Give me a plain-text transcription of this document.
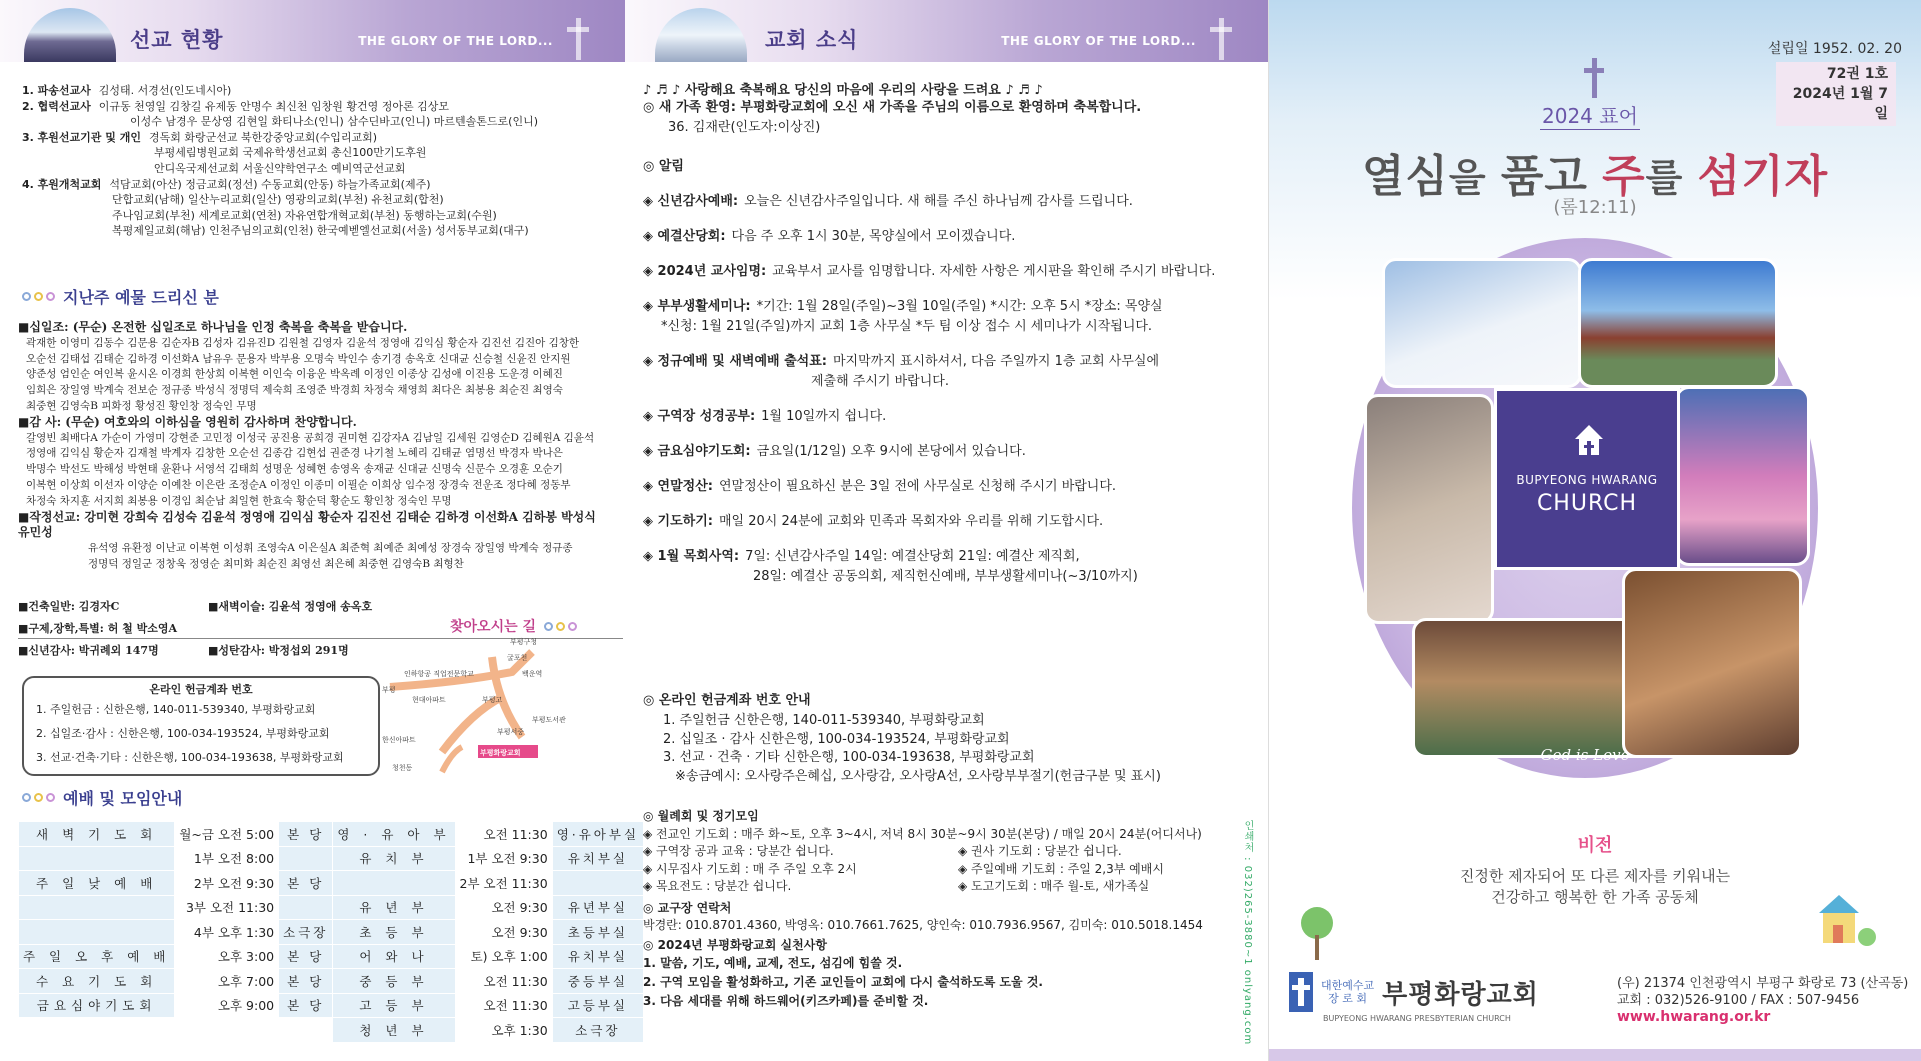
선교 현황	THE GLORY OF THE LORD...
1. 파송선교사 김성태. 서경선(인도네시아)
2. 협력선교사 이규동 천영일 김창길 유제동 안명수 최신천 임창원 황건영 정아론 김상모
이성수 남경우 문상영 김현일 화티나소(인니) 삼수딘바고(인니) 마르텐솔톤드로(인니)
3. 후원선교기관 및 개인 경독회 화랑군선교 북한강중앙교회(수입리교회)
부평세림병원교회 국제유학생선교회 총신100만기도후원
안디옥국제선교회 서울신약학연구소 예비역군선교회
4. 후원개척교회 석담교회(아산) 정금교회(정선) 수동교회(안동) 하늘가족교회(제주)
단합교회(남해) 일산누리교회(일산) 영광의교회(부천) 유천교회(합천)
주나임교회(부천) 세계로교회(연천) 자유연합개혁교회(부천) 동행하는교회(수원)
복평제일교회(해남) 인천주님의교회(인천) 한국예벧엘선교회(서울) 성서동부교회(대구)
지난주 예물 드리신 분
■십일조: (무순) 온전한 십일조로 하나님을 인정 축복을 축복을 받습니다.
곽재한 이영미 김동수 김문용 김순자B 김성자 김유진D 김원철 김영자 김윤석 정영애 김익심 황순자 김진선 김진아 김창한
오순선 김태섭 김태순 김하경 이선화A 남유우 문용자 박부용 오명숙 박인수 송기경 송옥호 신대균 신승철 신윤진 안지원
양준성 엄인순 여인복 윤시온 이경희 한상희 이복현 이인숙 이융운 박옥례 이정인 이종상 김성애 이진용 도운경 이혜진
임희은 장일영 박계숙 전보순 정규종 박성식 정명덕 제숙희 조영준 박경희 차정숙 채영희 최다은 최봉용 최순진 최영숙
최중현 김영숙B 피화정 황성진 황인창 정숙인 무명
■감 사: (무순) 여호와의 이하심을 영원히 감사하며 찬양합니다.
갈영빈 최배다A 가순이 가영미 강현준 고민정 이성국 공진용 공희경 권미현 김강자A 김남일 김세원 김영순D 김혜원A 김윤석
정영애 김익심 황순자 김재철 박계자 김창한 오순선 김종감 김현섭 권준경 나기철 노혜리 김태균 염명선 박경자 박나은
박명수 박선도 박해성 박현태 윤환나 서영석 김태희 성명운 성혜현 송영옥 송재균 신대균 신명숙 신문수 오경훈 오순기
이복현 이상희 이선자 이양순 이예찬 이은란 조정순A 이정인 이종미 이필순 이희상 임수정 장경숙 전운조 정다혜 정동부
차정숙 차지훈 서지희 최봉용 이경임 최순남 최일현 한효숙 황순덕 황순도 황인창 정숙인 무명
■작정선교: 강미현 강희숙 김성숙 김윤석 정영애 김익심 황순자 김진선 김태순 김하경 이선화A 김하봉 박성식 유민성
유석영 유환정 이난교 이복현 이성휘 조영숙A 이은실A 최준혁 최예준 최예성 장경숙 장일영 박계숙 정규종
정명덕 정일군 정창욱 정영순 최미화 최순진 최영선 최은혜 최중현 김영숙B 최형찬
■건축일반: 김경자C	■새벽이슬: 김윤석 정영애 송옥호
■구제,장학,특별: 허 철 박소영A
■신년감사: 박귀례외 147명	■성탄감사: 박정섭외 291명
찾아오시는 길
인하항공 직업전문학교	백운역
부평구청
현대아파트	부평고
부평서중
부평도서관
한신아파트
청천동
부평화랑교회
굴포천
부평
온라인 헌금계좌 번호
1. 주일헌금 : 신한은행, 140-011-539340, 부평화랑교회
2. 십일조·감사 : 신한은행, 100-034-193524, 부평화랑교회
3. 선교·건축·기타 : 신한은행, 100-034-193638, 부평화랑교회
예배 및 모임안내
새 벽 기 도 회	월~금 오전 5:00	본 당	영 · 유 아 부	오전 11:30	영·유아부실
	1부 오전 8:00		유 치 부	1부 오전 9:30	유치부실
주 일 낮 예 배	2부 오전 9:30	본 당		2부 오전 11:30	
	3부 오전 11:30		유 년 부	오전 9:30	유년부실
	4부 오후 1:30	소극장	초 등 부	오전 9:30	초등부실
주 일 오 후 예 배	오후 3:00	본 당	어 와 나	토) 오후 1:00	유치부실
수 요 기 도 회	오후 7:00	본 당	중 등 부	오전 11:30	중등부실
금요심야기도회	오후 9:00	본 당	고 등 부	오전 11:30	고등부실
			청 년 부	오후 1:30	소극장
교회 소식	THE GLORY OF THE LORD...
♪ ♬ ♪ 사랑해요 축복해요 당신의 마음에 우리의 사랑을 드려요 ♪ ♬ ♪
◎ 새 가족 환영: 부평화랑교회에 오신 새 가족을 주님의 이름으로 환영하며 축복합니다.
36. 김재란(인도자:이상진)
◎ 알림
◈ 신년감사예배: 오늘은 신년감사주일입니다. 새 해를 주신 하나님께 감사를 드립니다.
◈ 예결산당회: 다음 주 오후 1시 30분, 목양실에서 모이겠습니다.
◈ 2024년 교사임명: 교육부서 교사를 임명합니다. 자세한 사항은 게시판을 확인해 주시기 바랍니다.
◈ 부부생활세미나: *기간: 1월 28일(주일)~3월 10일(주일) *시간: 오후 5시 *장소: 목양실
*신청: 1월 21일(주일)까지 교회 1층 사무실 *두 팀 이상 접수 시 세미나가 시작됩니다.
◈ 정규예배 및 새벽예배 출석표: 마지막까지 표시하셔서, 다음 주일까지 1층 교회 사무실에
제출해 주시기 바랍니다.
◈ 구역장 성경공부: 1월 10일까지 쉽니다.
◈ 금요심야기도회: 금요일(1/12일) 오후 9시에 본당에서 있습니다.
◈ 연말정산: 연말정산이 필요하신 분은 3일 전에 사무실로 신청해 주시기 바랍니다.
◈ 기도하기: 매일 20시 24분에 교회와 민족과 목회자와 우리를 위해 기도합시다.
◈ 1월 목회사역: 7일: 신년감사주일 14일: 예결산당회 21일: 예결산 제직회,
28일: 예결산 공동의회, 제직헌신예배, 부부생활세미나(~3/10까지)
◎ 온라인 헌금계좌 번호 안내
1. 주일헌금 신한은행, 140-011-539340, 부평화랑교회
2. 십일조 · 감사 신한은행, 100-034-193524, 부평화랑교회
3. 선교 · 건축 · 기타 신한은행, 100-034-193638, 부평화랑교회
※송금예시: 오사랑주은혜십, 오사랑감, 오사랑A선, 오사랑부부절기(헌금구분 및 표시)
◎ 월례회 및 정기모임
◈ 전교인 기도회 : 매주 화~토, 오후 3~4시, 저녁 8시 30분~9시 30분(본당) / 매일 20시 24분(어디서나)
◈ 구역장 공과 교육 : 당분간 쉽니다.	◈ 권사 기도회 : 당분간 쉽니다.
◈ 시무집사 기도회 : 매 주 주일 오후 2시	◈ 주일예배 기도회 : 주일 2,3부 예배시
◈ 목요전도 : 당분간 쉽니다.	◈ 도고기도회 : 매주 월-토, 새가족실
◎ 교구장 연락처
박경란: 010.8701.4360, 박영옥: 010.7661.7625, 양인숙: 010.7936.9567, 김미숙: 010.5018.1454
◎ 2024년 부평화랑교회 실천사항
1. 말씀, 기도, 예배, 교제, 전도, 섬김에 힘쓸 것.
2. 구역 모임을 활성화하고, 기존 교인들이 교회에 다시 출석하도록 도울 것.
3. 다음 세대를 위해 하드웨어(키즈카페)를 준비할 것.	인쇄처 : 032)265-3880~1 onlyang.com
설립일 1952. 02. 20
72권 1호
2024년 1월 7일
2024 표어
열심을 품고 주를 섬기자
(롬12:11)
BUPYEONG HWARANG
CHURCH
God is Love
비전
진정한 제자되어 또 다른 제자를 키워내는
건강하고 행복한 한 가족 공동체
대한예수교
장 로 회 부평화랑교회
BUPYEONG HWARANG PRESBYTERIAN CHURCH
(우) 21374 인천광역시 부평구 화랑로 73 (산곡동)
교회 : 032)526-9100 / FAX : 507-9456
www.hwarang.or.kr
